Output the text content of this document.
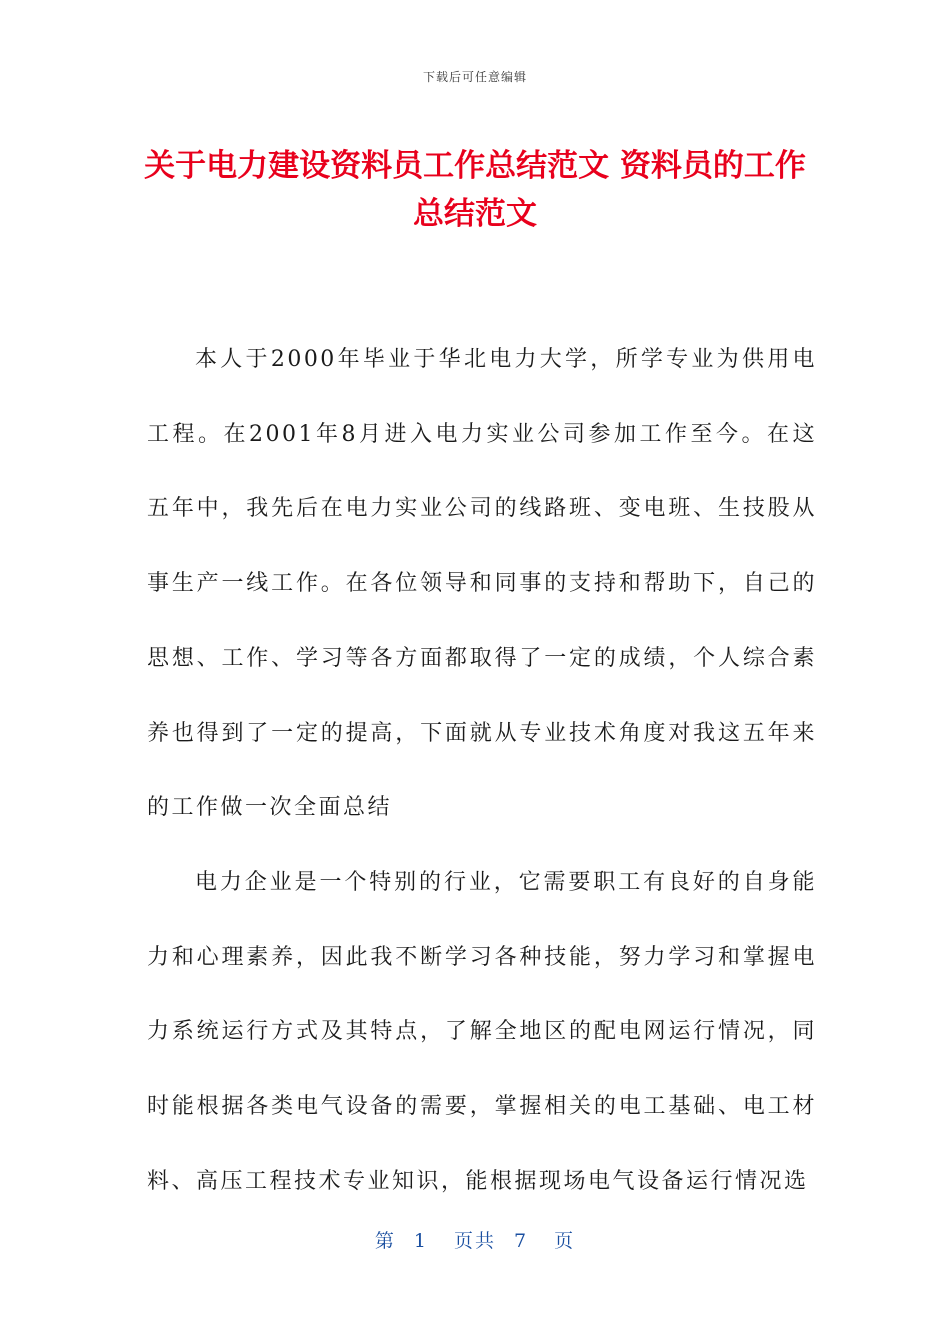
下载后可任意编辑
关于电力建设资料员工作总结范文 资料员的工作总结范文

本人于2000年毕业于华北电力大学，所学专业为供用电工程。在2001年8月进入电力实业公司参加工作至今。在这五年中，我先后在电力实业公司的线路班、变电班、生技股从事生产一线工作。在各位领导和同事的支持和帮助下，自己的思想、工作、学习等各方面都取得了一定的成绩，个人综合素养也得到了一定的提高，下面就从专业技术角度对我这五年来的工作做一次全面总结

电力企业是一个特别的行业，它需要职工有良好的自身能力和心理素养，因此我不断学习各种技能，努力学习和掌握电力系统运行方式及其特点，了解全地区的配电网运行情况，同时能根据各类电气设备的需要，掌握相关的电工基础、电工材料、高压工程技术专业知识，能根据现场电气设备运行情况选

第 1 页共 7 页
